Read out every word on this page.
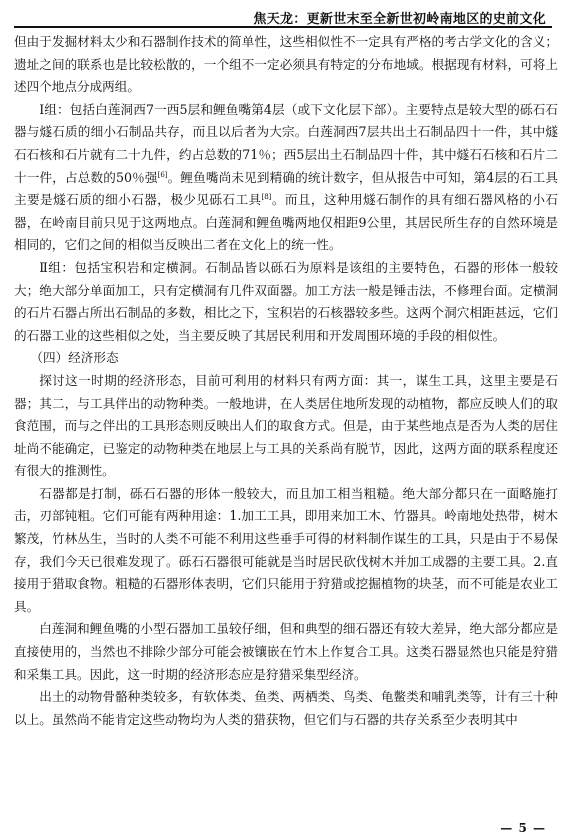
焦天龙：更新世末至全新世初岭南地区的史前文化

但由于发掘材料太少和石器制作技术的简单性，这些相似性不一定具有严格的考古学文化的含义；遗址之间的联系也是比较松散的，一个组不一定必须具有特定的分布地域。根据现有材料，可将上述四个地点分成两组。

Ⅰ组：包括白莲洞西7一西5层和鲤鱼嘴第4层（或下文化层下部）。主要特点是较大型的砾石石器与燧石质的细小石制品共存，而且以后者为大宗。白莲洞西7层共出土石制品四十一件，其中燧石石核和石片就有二十九件，约占总数的71％；西5层出土石制品四十件，其中燧石石核和石片二十一件，占总数的50％强[6]。鲤鱼嘴尚未见到精确的统计数字，但从报告中可知，第4层的石工具主要是燧石质的细小石器，极少见砾石工具[8]。而且，这种用燧石制作的具有细石器风格的小石器，在岭南目前只见于这两地点。白莲洞和鲤鱼嘴两地仅相距9公里，其居民所生存的自然环境是相同的，它们之间的相似当反映出二者在文化上的统一性。

Ⅱ组：包括宝积岩和定横洞。石制品皆以砾石为原料是该组的主要特色，石器的形体一般较大；绝大部分单面加工，只有定横洞有几件双面器。加工方法一般是锤击法，不修理台面。定横洞的石片石器占所出石制品的多数，相比之下，宝积岩的石核器较多些。这两个洞穴相距甚远，它们的石器工业的这些相似之处，当主要反映了其居民利用和开发周围环境的手段的相似性。

（四）经济形态

探讨这一时期的经济形态，目前可利用的材料只有两方面：其一，谋生工具，这里主要是石器；其二，与工具伴出的动物种类。一般地讲，在人类居住地所发现的动植物，都应反映人们的取食范围，而与之伴出的工具形态则反映出人们的取食方式。但是，由于某些地点是否为人类的居住址尚不能确定，已鉴定的动物种类在地层上与工具的关系尚有脱节，因此，这两方面的联系程度还有很大的推测性。

石器都是打制，砾石石器的形体一般较大，而且加工相当粗糙。绝大部分都只在一面略施打击，刃部钝粗。它们可能有两种用途：1.加工工具，即用来加工木、竹器具。岭南地处热带，树木繁茂，竹林丛生，当时的人类不可能不利用这些垂手可得的材料制作谋生的工具，只是由于不易保存，我们今天已很难发现了。砾石石器很可能就是当时居民砍伐树木并加工成器的主要工具。2.直接用于猎取食物。粗糙的石器形体表明，它们只能用于狩猎或挖掘植物的块茎，而不可能是农业工具。

白莲洞和鲤鱼嘴的小型石器加工虽较仔细，但和典型的细石器还有较大差异，绝大部分都应是直接使用的，当然也不排除少部分可能会被镶嵌在竹木上作复合工具。这类石器显然也只能是狩猎和采集工具。因此，这一时期的经济形态应是狩猎采集型经济。

出土的动物骨骼种类较多，有软体类、鱼类、两栖类、鸟类、龟鳖类和哺乳类等，计有三十种以上。虽然尚不能肯定这些动物均为人类的猎获物，但它们与石器的共存关系至少表明其中

— 5 —
